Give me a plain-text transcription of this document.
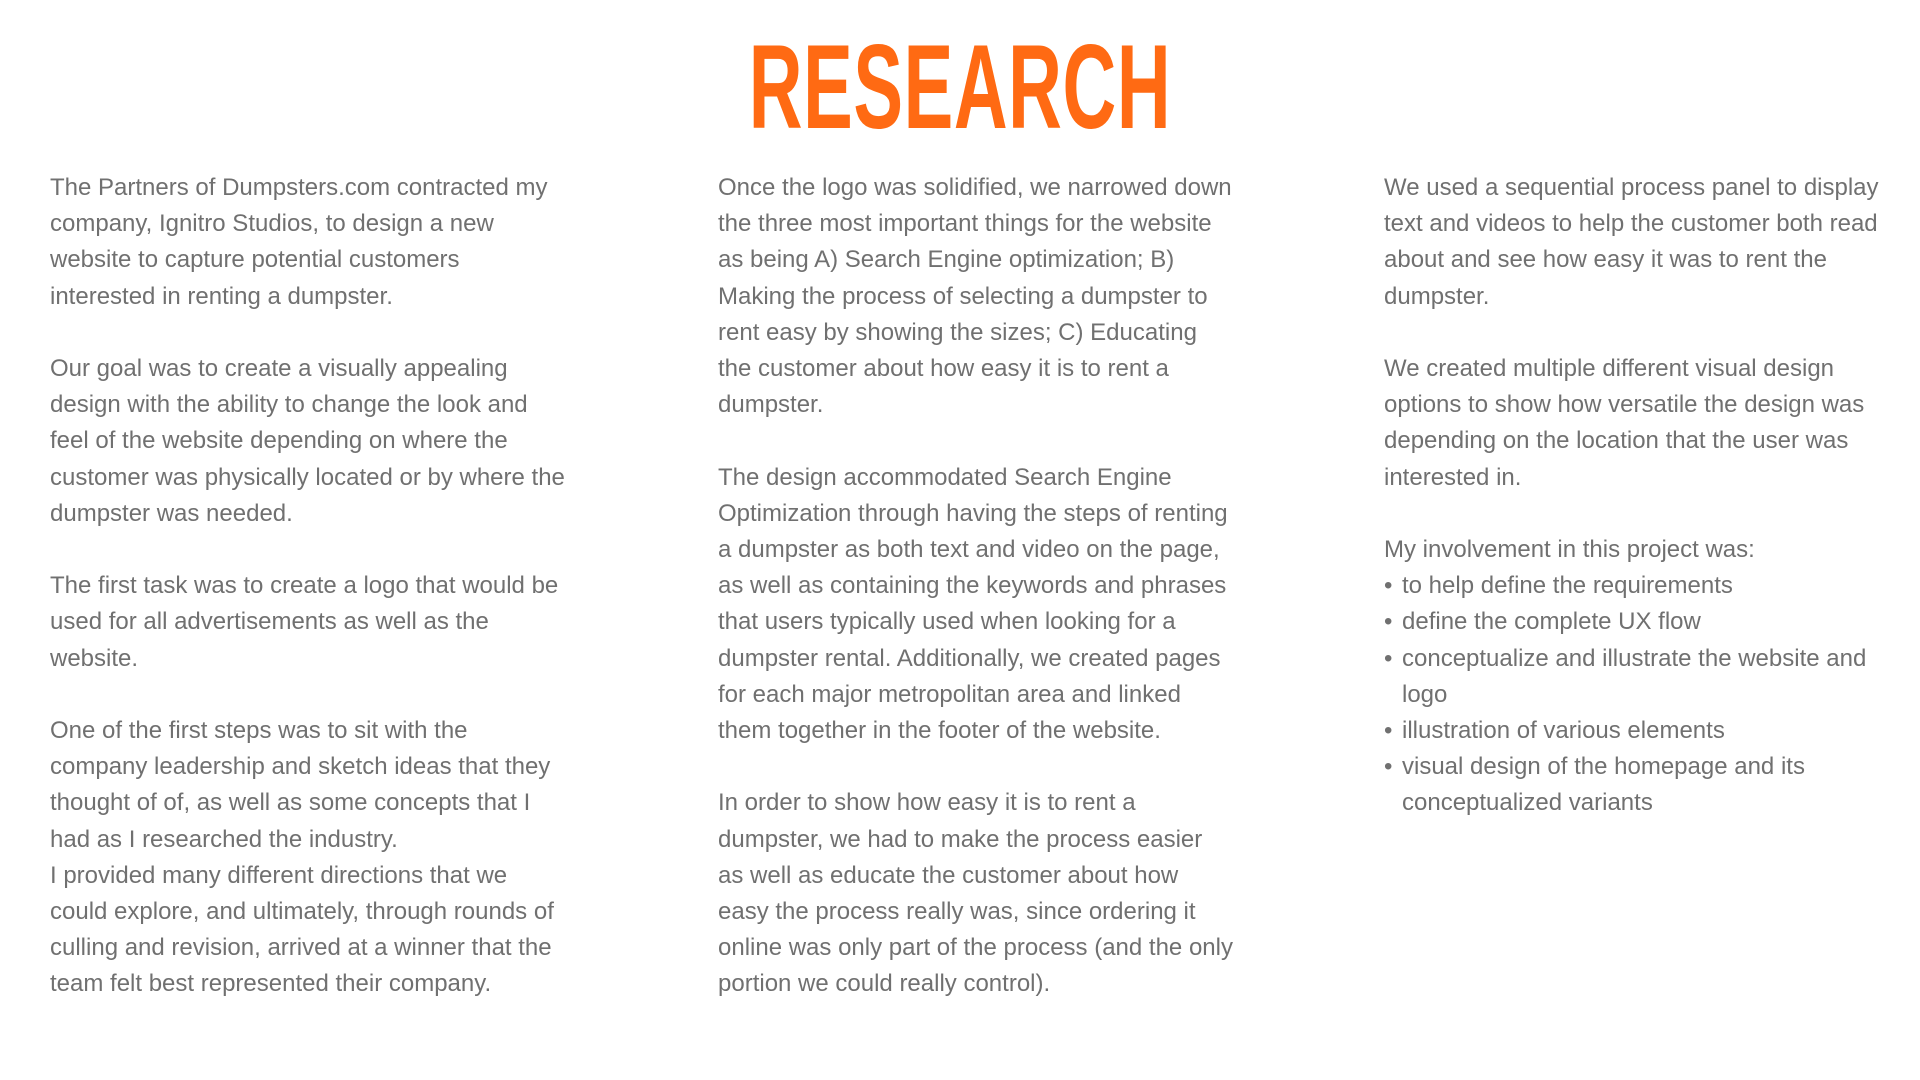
RESEARCH

The Partners of Dumpsters.com contracted my company, Ignitro Studios, to design a new website to capture potential customers interested in renting a dumpster.

Our goal was to create a visually appealing design with the ability to change the look and feel of the website depending on where the customer was physically located or by where the dumpster was needed.

The first task was to create a logo that would be used for all advertisements as well as the website.

One of the first steps was to sit with the company leadership and sketch ideas that they thought of of, as well as some concepts that I had as I researched the industry.

I provided many different directions that we could explore, and ultimately, through rounds of culling and revision, arrived at a winner that the team felt best represented their company.

Once the logo was solidified, we narrowed down the three most important things for the website as being A) Search Engine optimization; B) Making the process of selecting a dumpster to rent easy by showing the sizes; C) Educating the customer about how easy it is to rent a dumpster.

The design accommodated Search Engine Optimization through having the steps of renting a dumpster as both text and video on the page, as well as containing the keywords and phrases that users typically used when looking for a dumpster rental. Additionally, we created pages for each major metropolitan area and linked them together in the footer of the website.

In order to show how easy it is to rent a dumpster, we had to make the process easier as well as educate the customer about how easy the process really was, since ordering it online was only part of the process (and the only portion we could really control).

We used a sequential process panel to display text and videos to help the customer both read about and see how easy it was to rent the dumpster.

We created multiple different visual design options to show how versatile the design was depending on the location that the user was interested in.

My involvement in this project was:

• to help define the requirements
• define the complete UX flow
• conceptualize and illustrate the website and logo
• illustration of various elements
• visual design of the homepage and its conceptualized variants
